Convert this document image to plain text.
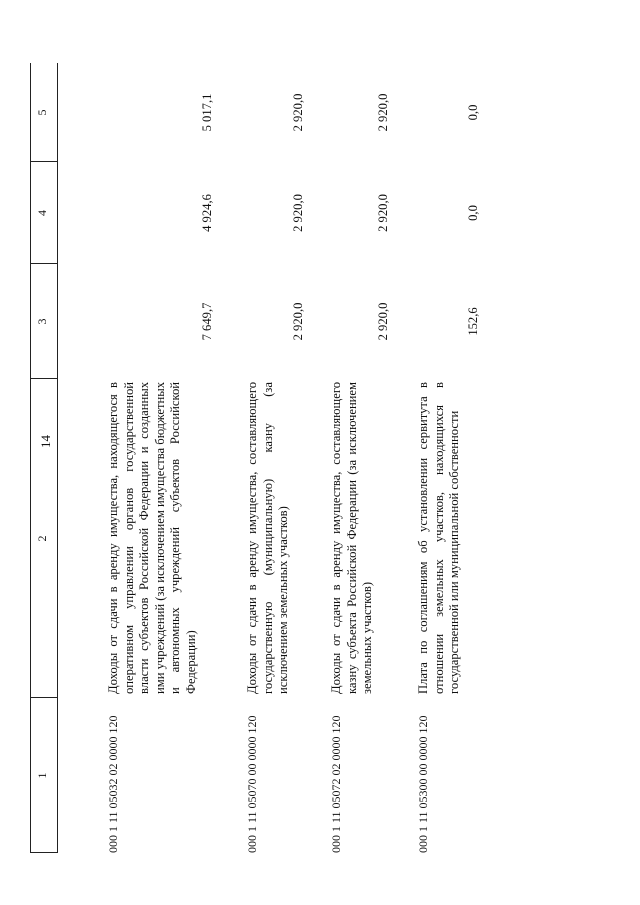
14
1
2
3
4
5
000 1 11 05032 02 0000 120
Доходы от сдачи в аренду имущества, находящегося в оперативном управлении органов государственной власти субъектов Российской Федерации и созданных ими учреждений (за исключением имущества бюджетных и автономных учреждений субъектов Российской Федерации)
7 649,7
4 924,6
5 017,1
000 1 11 05070 00 0000 120
Доходы от сдачи в аренду имущества, составляющего государственную (муниципальную) казну (за исключением земельных участков)
2 920,0
2 920,0
2 920,0
000 1 11 05072 02 0000 120
Доходы от сдачи в аренду имущества, составляющего казну субъекта Российской Федерации (за исключением земельных участков)
2 920,0
2 920,0
2 920,0
000 1 11 05300 00 0000 120
Плата по соглашениям об установлении сервитута в отношении земельных участков, находящихся в государственной или муниципальной собственности
152,6
0,0
0,0
